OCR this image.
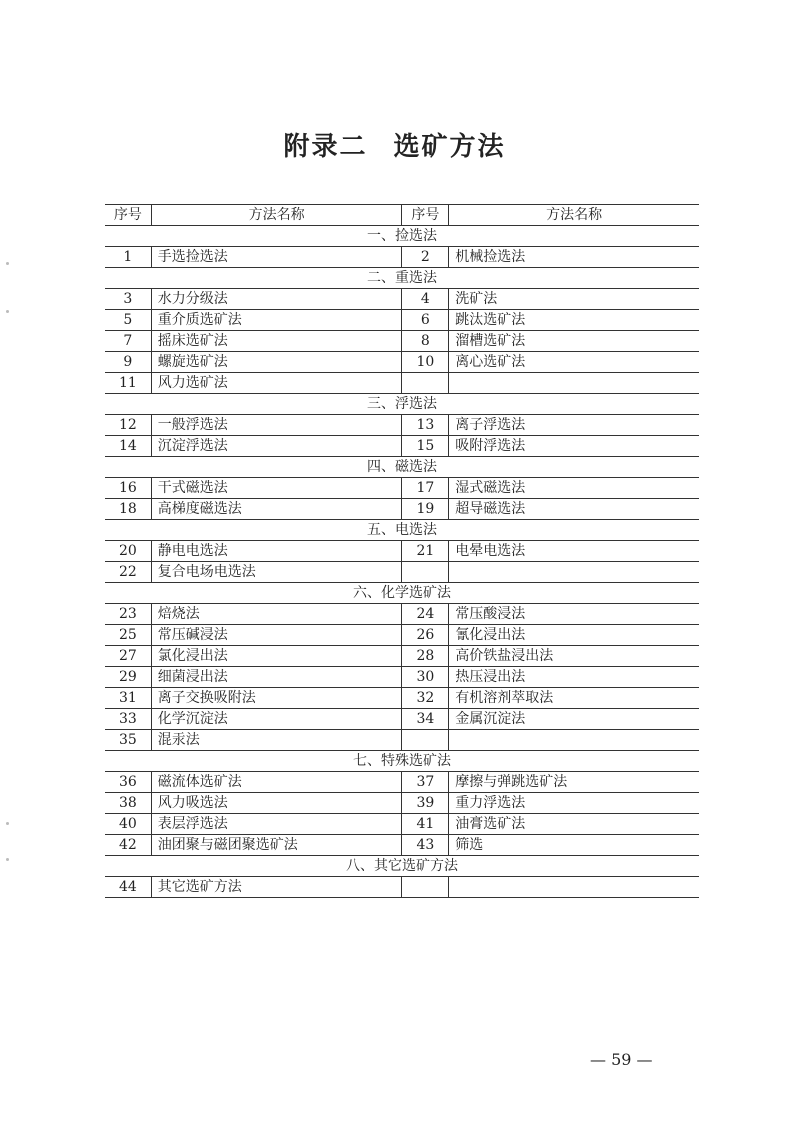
附录二 选矿方法
序号	方法名称	序号	方法名称
一、捡选法			
1	手选捡选法	2	机械捡选法
二、重选法			
3	水力分级法	4	洗矿法
5	重介质选矿法	6	跳汰选矿法
7	摇床选矿法	8	溜槽选矿法
9	螺旋选矿法	10	离心选矿法
11	风力选矿法		
三、浮选法			
12	一般浮选法	13	离子浮选法
14	沉淀浮选法	15	吸附浮选法
四、磁选法			
16	干式磁选法	17	湿式磁选法
18	高梯度磁选法	19	超导磁选法
五、电选法			
20	静电电选法	21	电晕电选法
22	复合电场电选法		
六、化学选矿法			
23	焙烧法	24	常压酸浸法
25	常压碱浸法	26	氰化浸出法
27	氯化浸出法	28	高价铁盐浸出法
29	细菌浸出法	30	热压浸出法
31	离子交换吸附法	32	有机溶剂萃取法
33	化学沉淀法	34	金属沉淀法
35	混汞法		
七、特殊选矿法			
36	磁流体选矿法	37	摩擦与弹跳选矿法
38	风力吸选法	39	重力浮选法
40	表层浮选法	41	油膏选矿法
42	油团聚与磁团聚选矿法	43	筛选
八、其它选矿方法			
44	其它选矿方法		
— 59 —
